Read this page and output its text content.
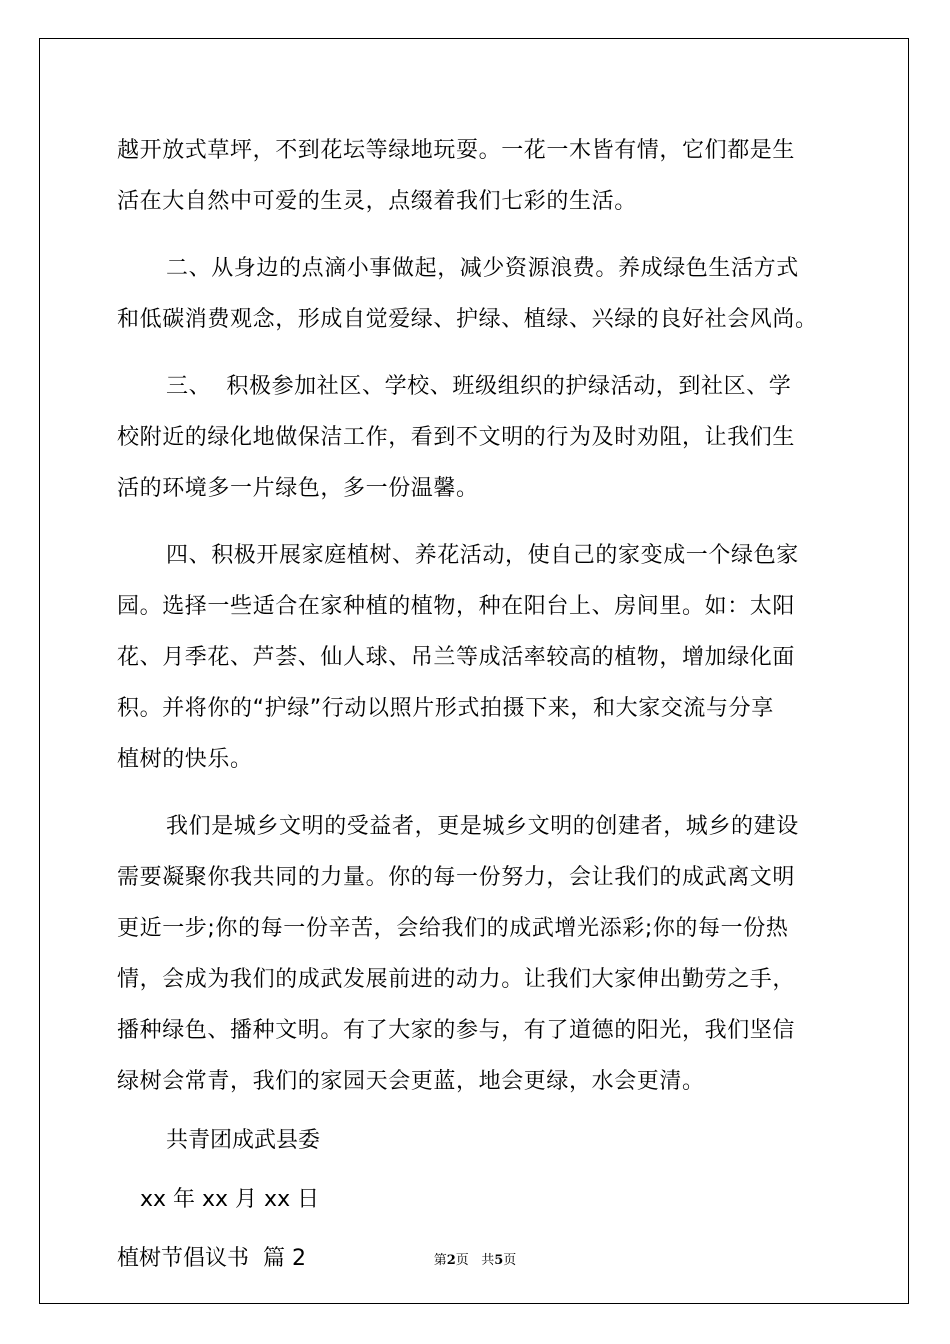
越开放式草坪，不到花坛等绿地玩耍。一花一木皆有情，它们都是生
活在大自然中可爱的生灵，点缀着我们七彩的生活。
二、从身边的点滴小事做起，减少资源浪费。养成绿色生活方式
和低碳消费观念，形成自觉爱绿、护绿、植绿、兴绿的良好社会风尚。
三、  积极参加社区、学校、班级组织的护绿活动，到社区、学
校附近的绿化地做保洁工作，看到不文明的行为及时劝阻，让我们生
活的环境多一片绿色，多一份温馨。
四、积极开展家庭植树、养花活动，使自己的家变成一个绿色家
园。选择一些适合在家种植的植物，种在阳台上、房间里。如：太阳
花、月季花、芦荟、仙人球、吊兰等成活率较高的植物，增加绿化面
积。并将你的“护绿”行动以照片形式拍摄下来，和大家交流与分享
植树的快乐。
我们是城乡文明的受益者，更是城乡文明的创建者，城乡的建设
需要凝聚你我共同的力量。你的每一份努力，会让我们的成武离文明
更近一步;你的每一份辛苦，会给我们的成武增光添彩;你的每一份热
情，会成为我们的成武发展前进的动力。让我们大家伸出勤劳之手，
播种绿色、播种文明。有了大家的参与，有了道德的阳光，我们坚信
绿树会常青，我们的家园天会更蓝，地会更绿，水会更清。
共青团成武县委
xx 年 xx 月 xx 日
植树节倡议书  篇 2	第2页   共5页
